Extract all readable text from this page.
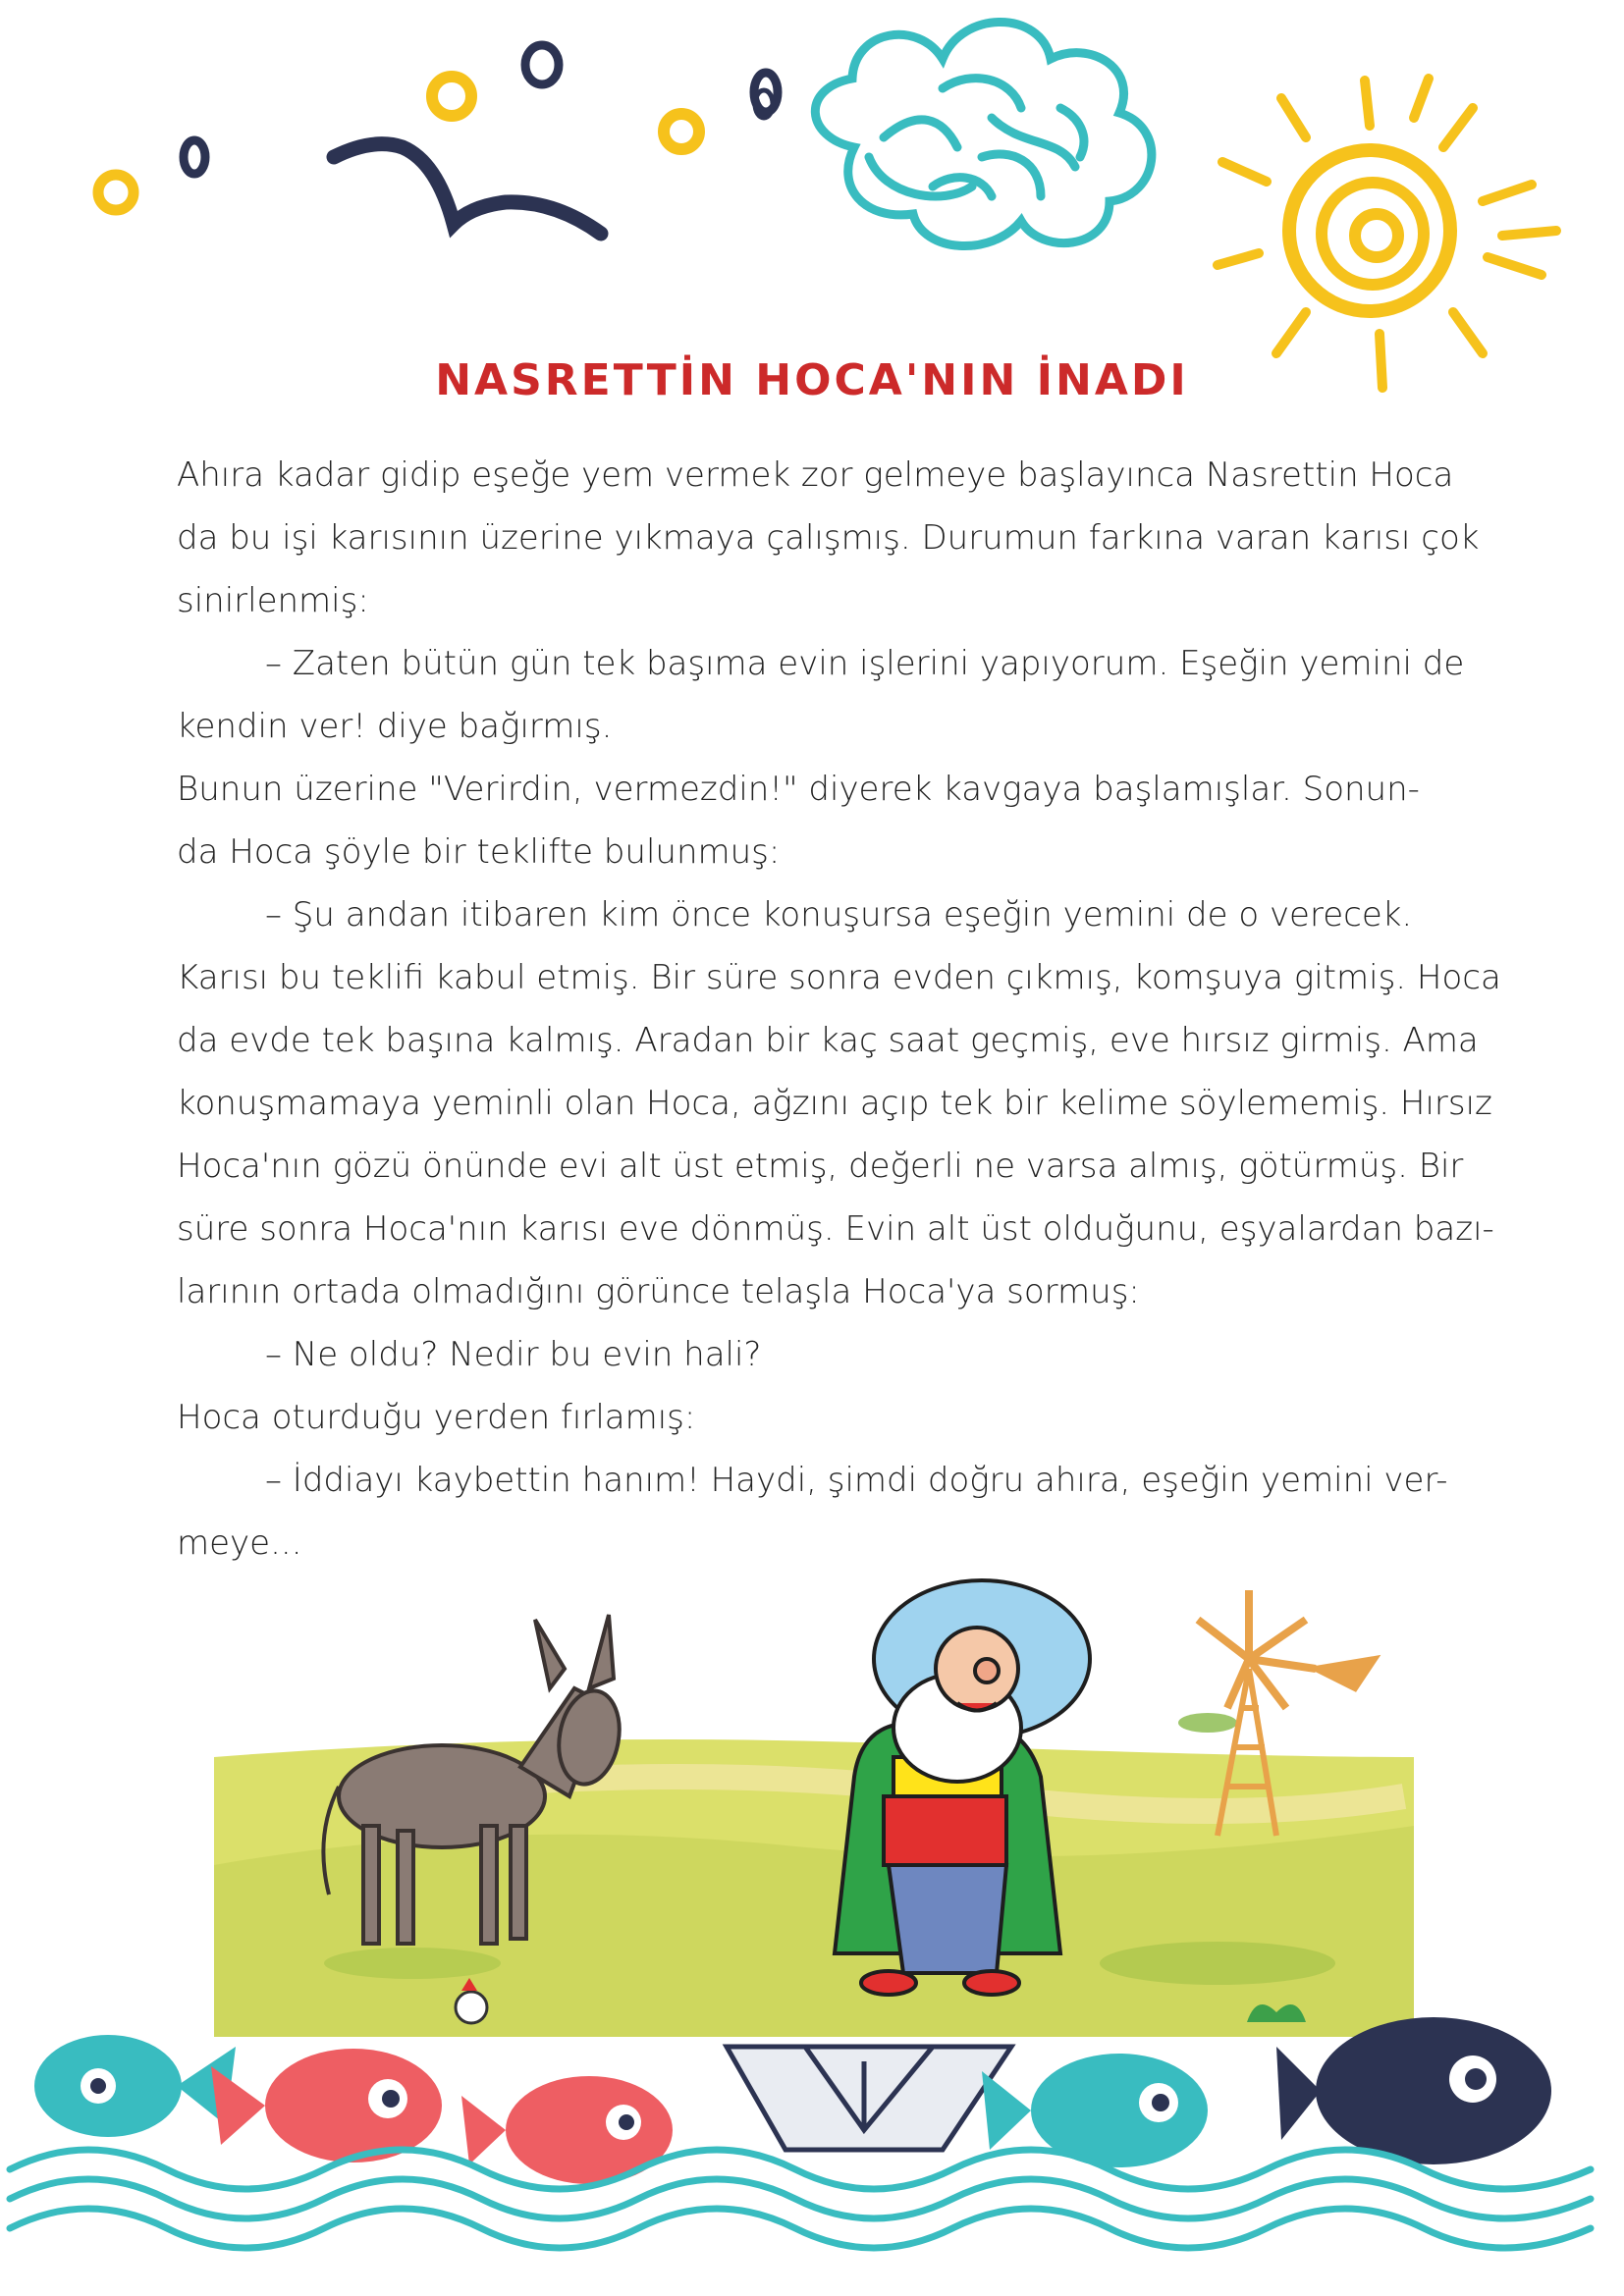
NASRETTİN HOCA'NIN İNADI
Ahıra kadar gidip eşeğe yem vermek zor gelmeye başlayınca Nasrettin Hoca
da bu işi karısının üzerine yıkmaya çalışmış. Durumun farkına varan karısı çok
sinirlenmiş:
– Zaten bütün gün tek başıma evin işlerini yapıyorum. Eşeğin yemini de
kendin ver! diye bağırmış.
Bunun üzerine "Verirdin, vermezdin!" diyerek kavgaya başlamışlar. Sonun-
da Hoca şöyle bir teklifte bulunmuş:
– Şu andan itibaren kim önce konuşursa eşeğin yemini de o verecek.
Karısı bu teklifi kabul etmiş. Bir süre sonra evden çıkmış, komşuya gitmiş. Hoca
da evde tek başına kalmış. Aradan bir kaç saat geçmiş, eve hırsız girmiş. Ama
konuşmamaya yeminli olan Hoca, ağzını açıp tek bir kelime söylememiş. Hırsız
Hoca'nın gözü önünde evi alt üst etmiş, değerli ne varsa almış, götürmüş. Bir
süre sonra Hoca'nın karısı eve dönmüş. Evin alt üst olduğunu, eşyalardan bazı-
larının ortada olmadığını görünce telaşla Hoca'ya sormuş:
– Ne oldu? Nedir bu evin hali?
Hoca oturduğu yerden fırlamış:
– İddiayı kaybettin hanım! Haydi, şimdi doğru ahıra, eşeğin yemini ver-
meye...
